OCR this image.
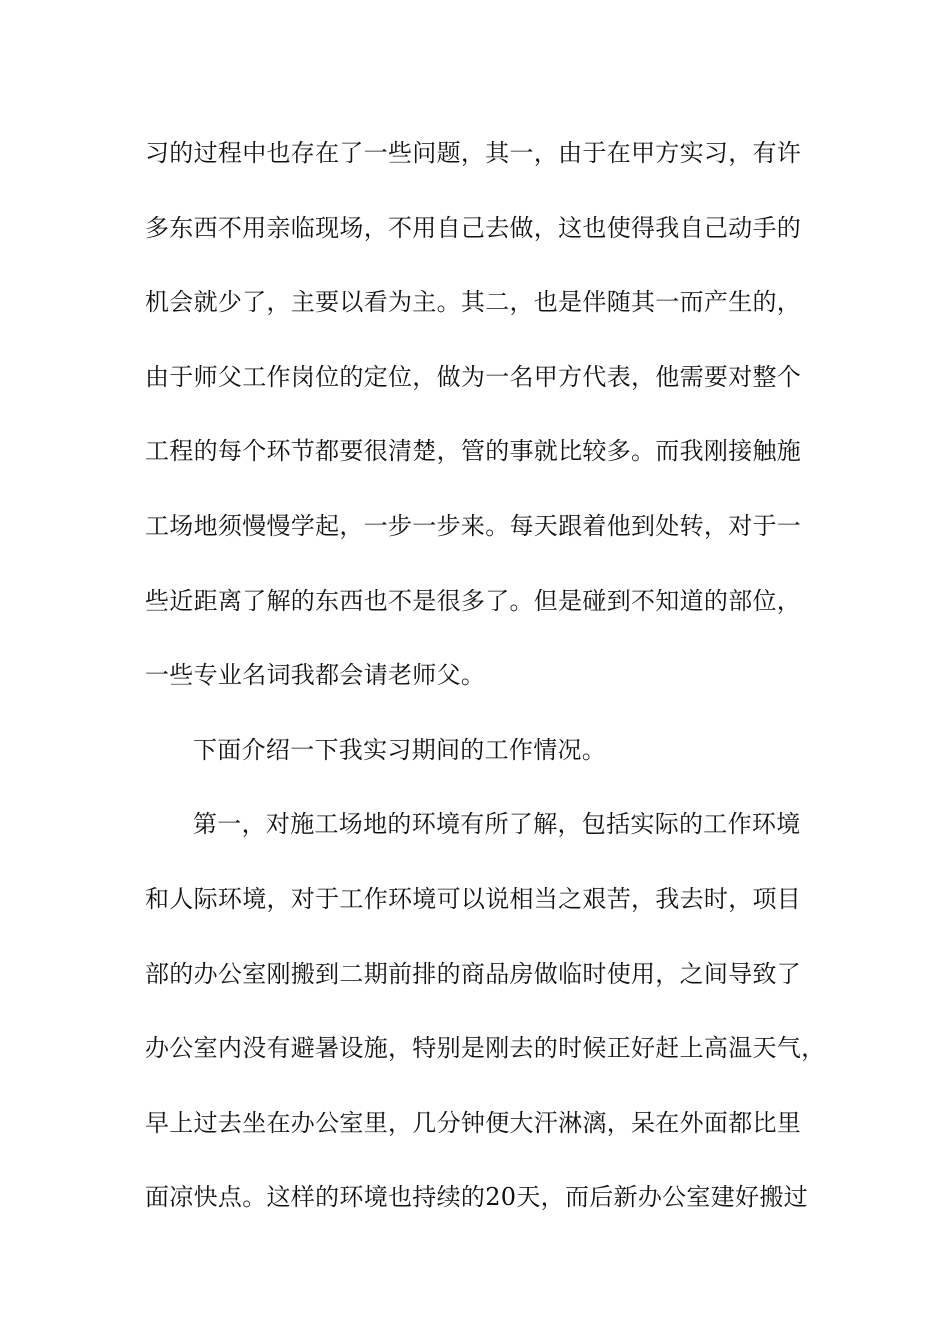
习的过程中也存在了一些问题，其一，由于在甲方实习，有许
多东西不用亲临现场，不用自己去做，这也使得我自己动手的
机会就少了，主要以看为主。其二，也是伴随其一而产生的，
由于师父工作岗位的定位，做为一名甲方代表，他需要对整个
工程的每个环节都要很清楚，管的事就比较多。而我刚接触施
工场地须慢慢学起，一步一步来。每天跟着他到处转，对于一
些近距离了解的东西也不是很多了。但是碰到不知道的部位，
一些专业名词我都会请老师父。
下面介绍一下我实习期间的工作情况。
第一，对施工场地的环境有所了解，包括实际的工作环境
和人际环境，对于工作环境可以说相当之艰苦，我去时，项目
部的办公室刚搬到二期前排的商品房做临时使用，之间导致了
办公室内没有避暑设施，特别是刚去的时候正好赶上高温天气，
早上过去坐在办公室里，几分钟便大汗淋漓，呆在外面都比里
面凉快点。这样的环境也持续的20天，而后新办公室建好搬过
